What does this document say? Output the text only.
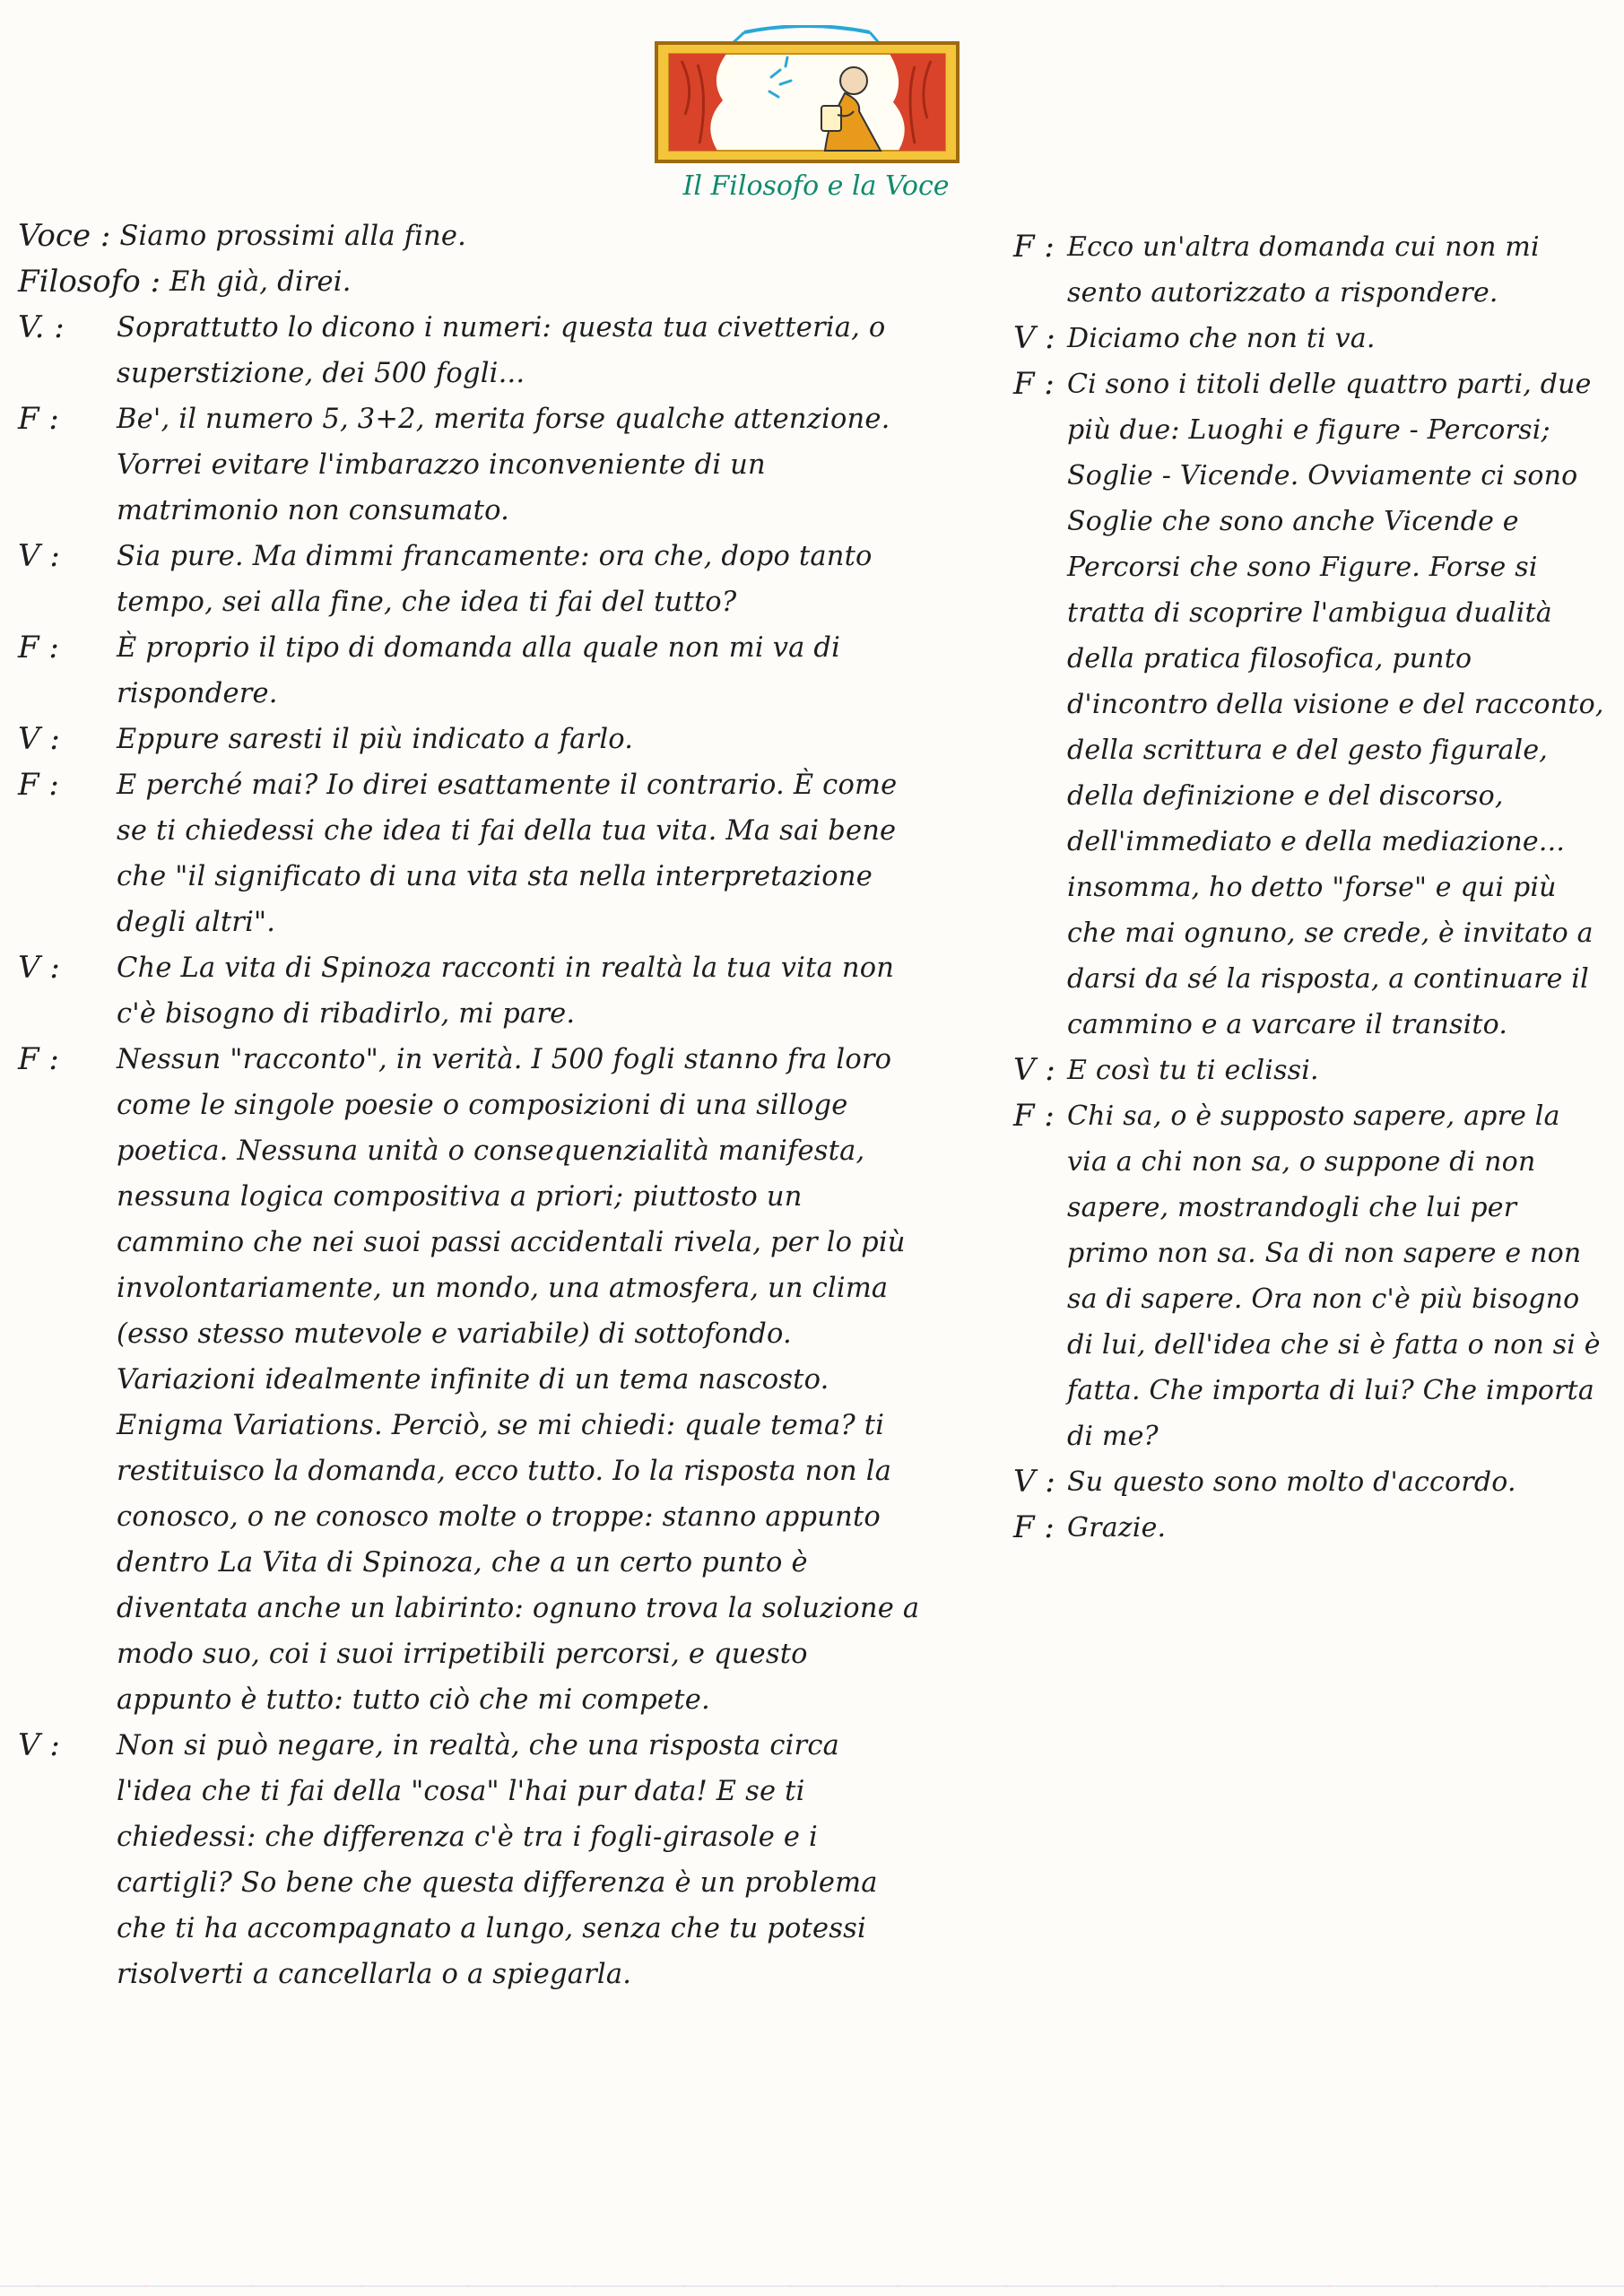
Il Filosofo e la Voce
Voce : Siamo prossimi alla fine.
Filosofo : Eh già, direi.
V. :	Soprattutto lo dicono i numeri: questa tua civetteria, o superstizione, dei 500 fogli...
F :	Be', il numero 5, 3+2, merita forse qualche attenzione. Vorrei evitare l'imbarazzo inconveniente di un matrimonio non consumato.
V :	Sia pure. Ma dimmi francamente: ora che, dopo tanto tempo, sei alla fine, che idea ti fai del tutto?
F :	È proprio il tipo di domanda alla quale non mi va di rispondere.
V :	Eppure saresti il più indicato a farlo.
F :	E perché mai? Io direi esattamente il contrario. È come se ti chiedessi che idea ti fai della tua vita. Ma sai bene che "il significato di una vita sta nella interpretazione degli altri".
V :	Che La vita di Spinoza racconti in realtà la tua vita non c'è bisogno di ribadirlo, mi pare.
F :	Nessun "racconto", in verità. I 500 fogli stanno fra loro come le singole poesie o composizioni di una silloge poetica. Nessuna unità o consequenzialità manifesta, nessuna logica compositiva a priori; piuttosto un cammino che nei suoi passi accidentali rivela, per lo più involontariamente, un mondo, una atmosfera, un clima (esso stesso mutevole e variabile) di sottofondo. Variazioni idealmente infinite di un tema nascosto. Enigma Variations. Perciò, se mi chiedi: quale tema? ti restituisco la domanda, ecco tutto. Io la risposta non la conosco, o ne conosco molte o troppe: stanno appunto dentro La Vita di Spinoza, che a un certo punto è diventata anche un labirinto: ognuno trova la soluzione a modo suo, coi i suoi irripetibili percorsi, e questo appunto è tutto: tutto ciò che mi compete.
V :	Non si può negare, in realtà, che una risposta circa l'idea che ti fai della "cosa" l'hai pur data! E se ti chiedessi: che differenza c'è tra i fogli-girasole e i cartigli? So bene che questa differenza è un problema che ti ha accompagnato a lungo, senza che tu potessi risolverti a cancellarla o a spiegarla.
F : Ecco un'altra domanda cui non mi sento autorizzato a rispondere.
V : Diciamo che non ti va.
F : Ci sono i titoli delle quattro parti, due più due: Luoghi e figure - Percorsi; Soglie - Vicende. Ovviamente ci sono Soglie che sono anche Vicende e Percorsi che sono Figure. Forse si tratta di scoprire l'ambigua dualità della pratica filosofica, punto d'incontro della visione e del racconto, della scrittura e del gesto figurale, della definizione e del discorso, dell'immediato e della mediazione... insomma, ho detto "forse" e qui più che mai ognuno, se crede, è invitato a darsi da sé la risposta, a continuare il cammino e a varcare il transito.
V : E così tu ti eclissi.
F : Chi sa, o è supposto sapere, apre la via a chi non sa, o suppone di non sapere, mostrandogli che lui per primo non sa. Sa di non sapere e non sa di sapere. Ora non c'è più bisogno di lui, dell'idea che si è fatta o non si è fatta. Che importa di lui? Che importa di me?
V : Su questo sono molto d'accordo.
F : Grazie.
